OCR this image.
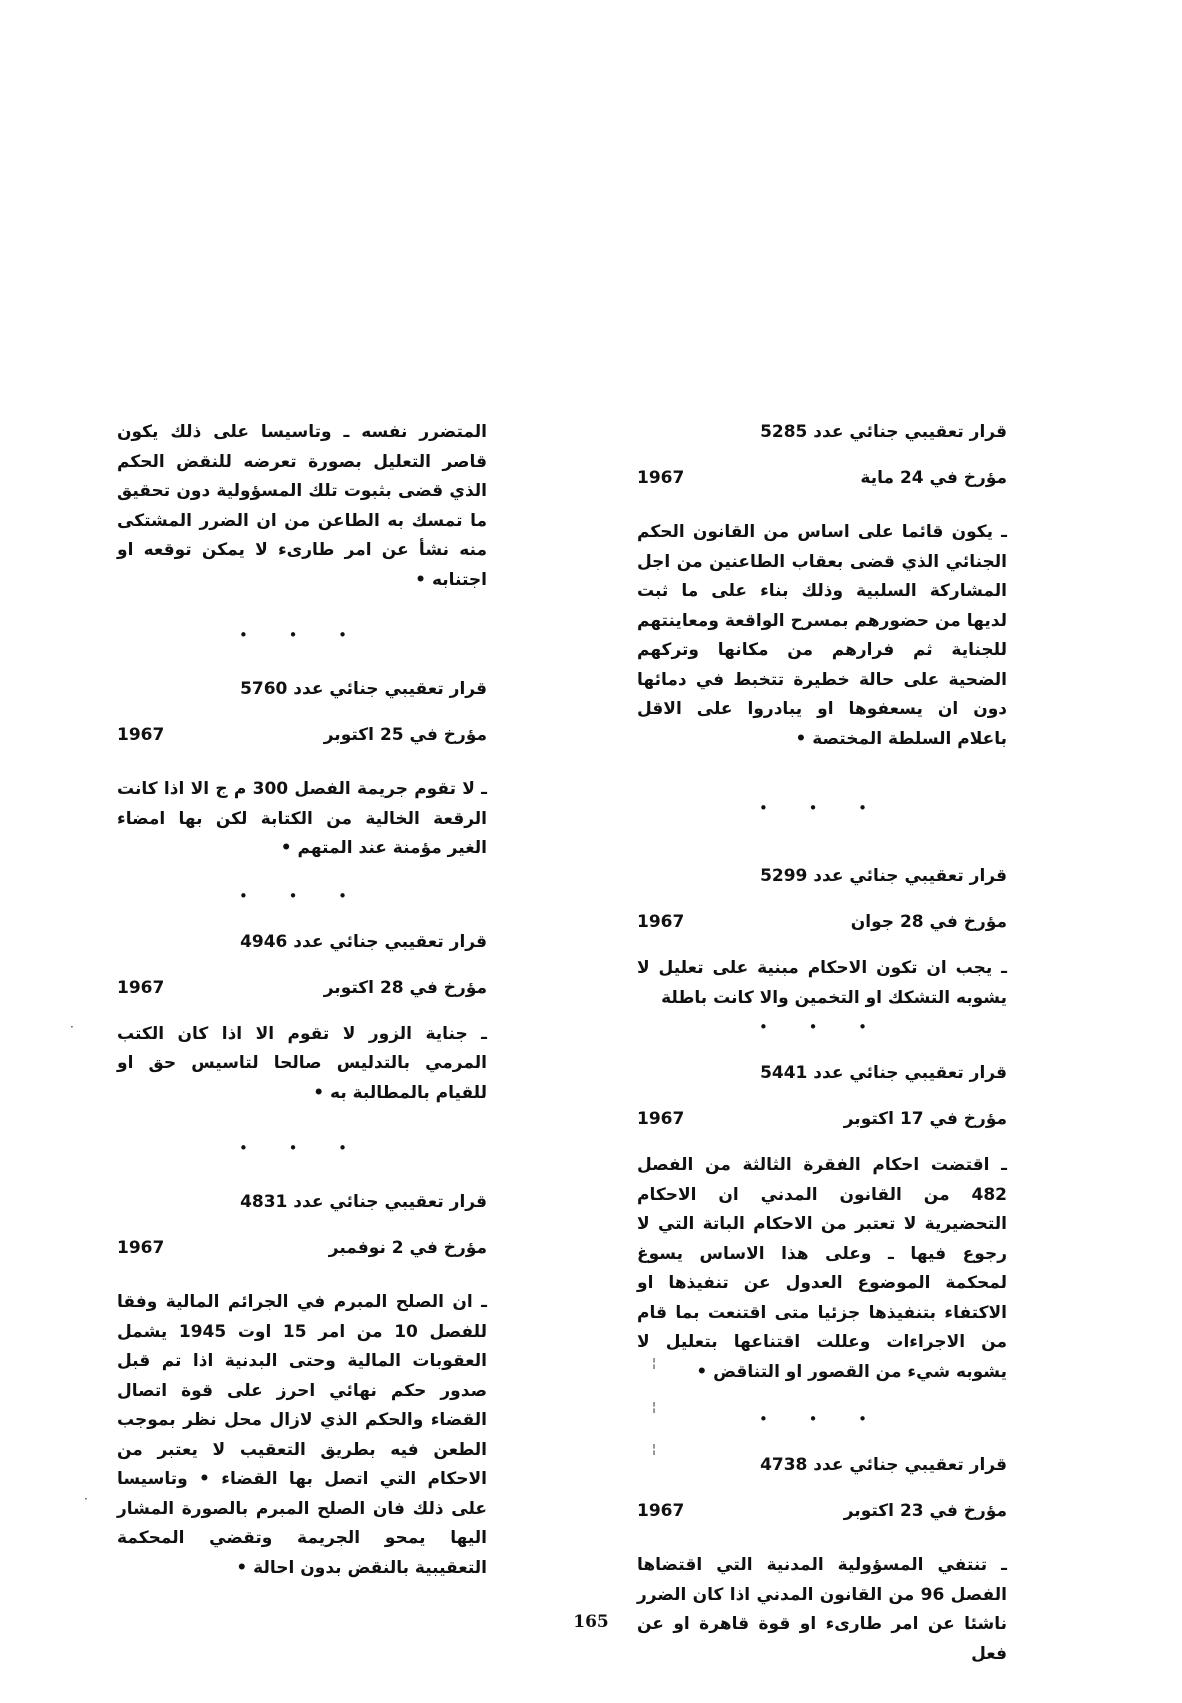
قرار تعقيبي جنائي عدد 5285

مؤرخ في 24 ماية
1967

ـ يكون قائما على اساس من القانون الحكم الجنائي الذي قضى بعقاب الطاعنين من اجل المشاركة السلبية وذلك بناء على ما ثبت لديها من حضورهم بمسرح الواقعة ومعاينتهم للجناية ثم فرارهم من مكانها وتركهم الضحية على حالة خطيرة تتخبط في دمائها دون ان يسعفوها او يبادروا على الاقل باعلام السلطة المختصة •

• • •

قرار تعقيبي جنائي عدد 5299

مؤرخ في 28 جوان
1967

ـ يجب ان تكون الاحكام مبنية على تعليل لا يشوبه التشكك او التخمين والا كانت باطلة

• • •

قرار تعقيبي جنائي عدد 5441

مؤرخ في 17 اكتوبر
1967

ـ اقتضت احكام الفقرة الثالثة من الفصل 482 من القانون المدني ان الاحكام التحضيرية لا تعتبر من الاحكام الباتة التي لا رجوع فيها ـ وعلى هذا الاساس يسوغ لمحكمة الموضوع العدول عن تنفيذها او الاكتفاء بتنفيذها جزئيا متى اقتنعت بما قام من الاجراءات وعللت اقتناعها بتعليل لا يشوبه شيء من القصور او التناقض •

• • •

قرار تعقيبي جنائي عدد 4738

مؤرخ في 23 اكتوبر
1967

ـ تنتفي المسؤولية المدنية التي اقتضاها الفصل 96 من القانون المدني اذا كان الضرر ناشئا عن امر طارىء او قوة قاهرة او عن فعل

المتضرر نفسه ـ وتاسيسا على ذلك يكون قاصر التعليل بصورة تعرضه للنقض الحكم الذي قضى بثبوت تلك المسؤولية دون تحقيق ما تمسك به الطاعن من ان الضرر المشتكى منه نشأ عن امر طارىء لا يمكن توقعه او اجتنابه •

• • •

قرار تعقيبي جنائي عدد 5760

مؤرخ في 25 اكتوبر
1967

ـ لا تقوم جريمة الفصل 300 م ج الا اذا كانت الرقعة الخالية من الكتابة لكن بها امضاء الغير مؤمنة عند المتهم •

• • •

قرار تعقيبي جنائي عدد 4946

مؤرخ في 28 اكتوبر
1967

ـ جناية الزور لا تقوم الا اذا كان الكتب المرمي بالتدليس صالحا لتاسيس حق او للقيام بالمطالبة به •

• • •

قرار تعقيبي جنائي عدد 4831

مؤرخ في 2 نوفمبر
1967

ـ ان الصلح المبرم في الجرائم المالية وفقا للفصل 10 من امر 15 اوت 1945 يشمل العقوبات المالية وحتى البدنية اذا تم قبل صدور حكم نهائي احرز على قوة اتصال القضاء والحكم الذي لازال محل نظر بموجب الطعن فيه بطريق التعقيب لا يعتبر من الاحكام التي اتصل بها القضاء • وتاسيسا على ذلك فان الصلح المبرم بالصورة المشار اليها يمحو الجريمة وتقضي المحكمة التعقيبية بالنقض بدون احالة •

·
·
¦
¦
¦
165
